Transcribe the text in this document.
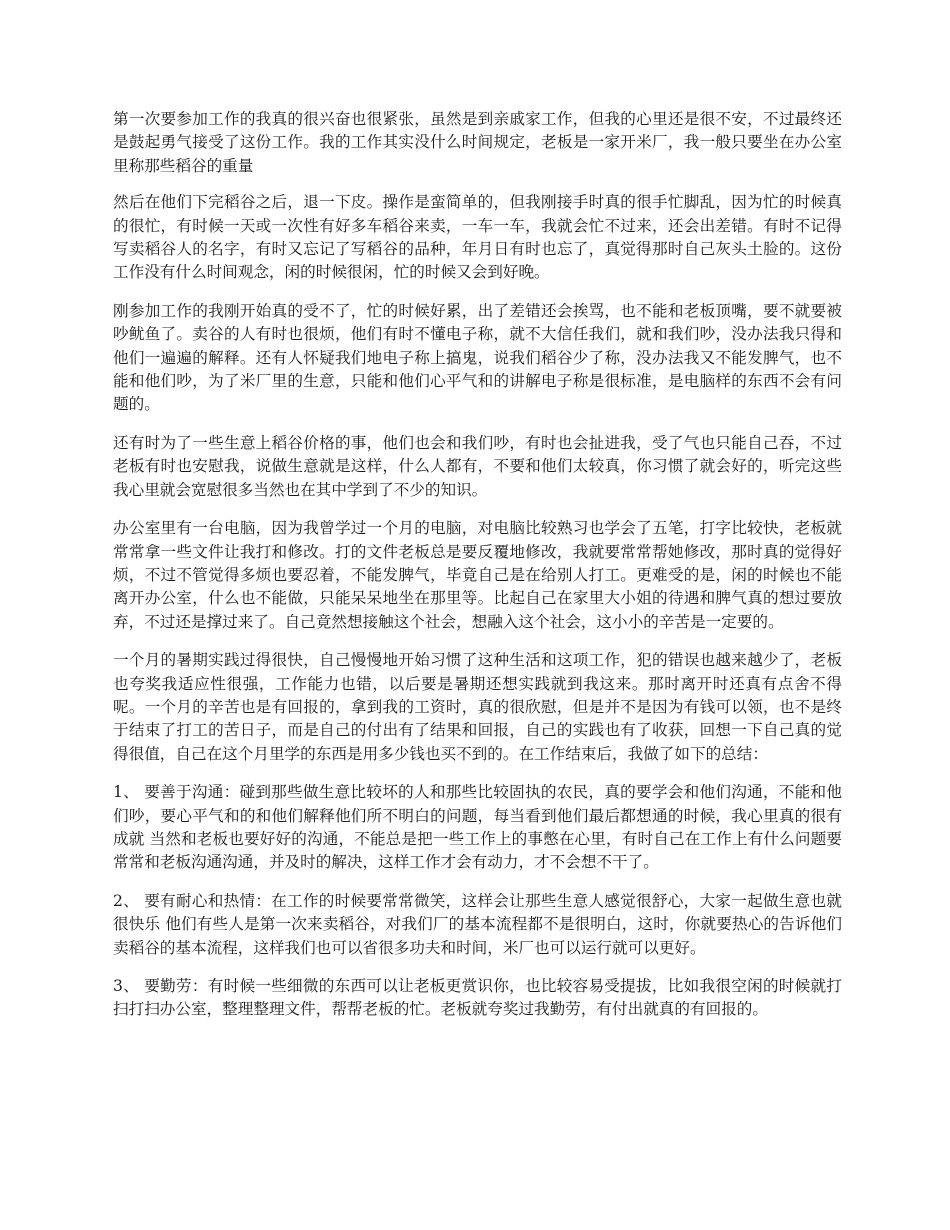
第一次要参加工作的我真的很兴奋也很紧张，虽然是到亲戚家工作，但我的心里还是很不安，不过最终还是鼓起勇气接受了这份工作。我的工作其实没什么时间规定，老板是一家开米厂，我一般只要坐在办公室里称那些稻谷的重量

然后在他们下完稻谷之后，退一下皮。操作是蛮简单的，但我刚接手时真的很手忙脚乱，因为忙的时候真的很忙，有时候一天或一次性有好多车稻谷来卖，一车一车，我就会忙不过来，还会出差错。有时不记得写卖稻谷人的名字，有时又忘记了写稻谷的品种，年月日有时也忘了，真觉得那时自己灰头土脸的。这份工作没有什么时间观念，闲的时候很闲，忙的时候又会到好晚。

刚参加工作的我刚开始真的受不了，忙的时候好累，出了差错还会挨骂，也不能和老板顶嘴，要不就要被吵鱿鱼了。卖谷的人有时也很烦，他们有时不懂电子称，就不大信任我们，就和我们吵，没办法我只得和他们一遍遍的解释。还有人怀疑我们地电子称上搞鬼，说我们稻谷少了称，没办法我又不能发脾气，也不能和他们吵，为了米厂里的生意，只能和他们心平气和的讲解电子称是很标准，是电脑样的东西不会有问题的。

还有时为了一些生意上稻谷价格的事，他们也会和我们吵，有时也会扯进我，受了气也只能自己吞，不过老板有时也安慰我，说做生意就是这样，什么人都有，不要和他们太较真，你习惯了就会好的，听完这些我心里就会宽慰很多当然也在其中学到了不少的知识。

办公室里有一台电脑，因为我曾学过一个月的电脑，对电脑比较熟习也学会了五笔，打字比较快，老板就常常拿一些文件让我打和修改。打的文件老板总是要反覆地修改，我就要常常帮她修改，那时真的觉得好烦，不过不管觉得多烦也要忍着，不能发脾气，毕竟自己是在给别人打工。更难受的是，闲的时候也不能离开办公室，什么也不能做，只能呆呆地坐在那里等。比起自己在家里大小姐的待遇和脾气真的想过要放弃，不过还是撑过来了。自己竟然想接触这个社会，想融入这个社会，这小小的辛苦是一定要的。

一个月的暑期实践过得很快，自己慢慢地开始习惯了这种生活和这项工作，犯的错误也越来越少了，老板也夸奖我适应性很强，工作能力也错，以后要是暑期还想实践就到我这来。那时离开时还真有点舍不得呢。一个月的辛苦也是有回报的，拿到我的工资时，真的很欣慰，但是并不是因为有钱可以领，也不是终于结束了打工的苦日子，而是自己的付出有了结果和回报，自己的实践也有了收获，回想一下自己真的觉得很值，自己在这个月里学的东西是用多少钱也买不到的。在工作结束后，我做了如下的总结：

1、 要善于沟通：碰到那些做生意比较坏的人和那些比较固执的农民，真的要学会和他们沟通，不能和他们吵，要心平气和的和他们解释他们所不明白的问题，每当看到他们最后都想通的时候，我心里真的很有成就 当然和老板也要好好的沟通，不能总是把一些工作上的事憋在心里，有时自己在工作上有什么问题要常常和老板沟通沟通，并及时的解决，这样工作才会有动力，才不会想不干了。

2、 要有耐心和热情：在工作的时候要常常微笑，这样会让那些生意人感觉很舒心，大家一起做生意也就很快乐 他们有些人是第一次来卖稻谷，对我们厂的基本流程都不是很明白，这时，你就要热心的告诉他们卖稻谷的基本流程，这样我们也可以省很多功夫和时间，米厂也可以运行就可以更好。

3、 要勤劳：有时候一些细微的东西可以让老板更赏识你，也比较容易受提拔，比如我很空闲的时候就打扫打扫办公室，整理整理文件，帮帮老板的忙。老板就夸奖过我勤劳，有付出就真的有回报的。
